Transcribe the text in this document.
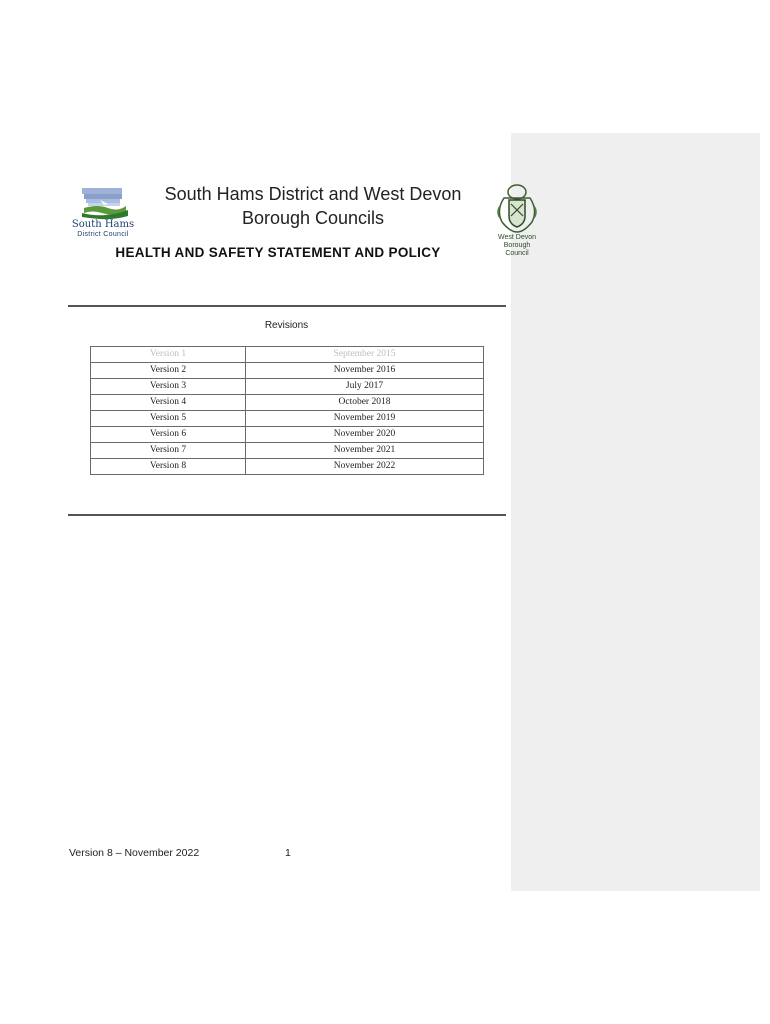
South Hams
District Council
South Hams District and West Devon Borough Councils
HEALTH AND SAFETY STATEMENT AND POLICY
West Devon
Borough
Council
Revisions
Version 1	September 2015
Version 2	November 2016
Version 3	July 2017
Version 4	October 2018
Version 5	November 2019
Version 6	November 2020
Version 7	November 2021
Version 8	November 2022
Version 8 – November 2022	1
